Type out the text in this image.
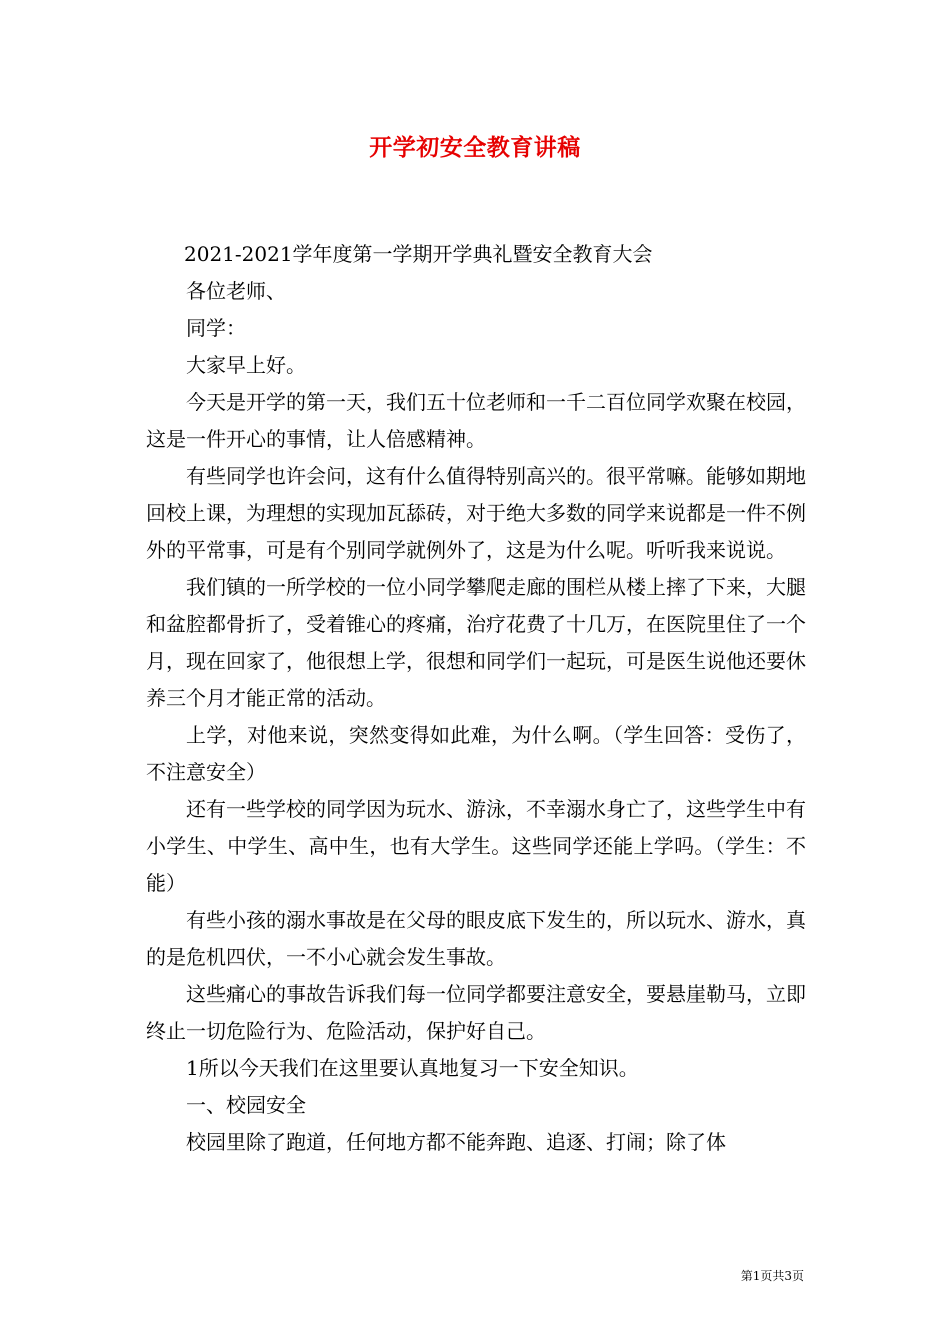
开学初安全教育讲稿

2021-2021学年度第一学期开学典礼暨安全教育大会

各位老师、

同学：

大家早上好。

今天是开学的第一天，我们五十位老师和一千二百位同学欢聚在校园，这是一件开心的事情，让人倍感精神。

有些同学也许会问，这有什么值得特别高兴的。很平常嘛。能够如期地回校上课，为理想的实现加瓦舔砖，对于绝大多数的同学来说都是一件不例外的平常事，可是有个别同学就例外了，这是为什么呢。听听我来说说。

我们镇的一所学校的一位小同学攀爬走廊的围栏从楼上摔了下来，大腿和盆腔都骨折了，受着锥心的疼痛，治疗花费了十几万，在医院里住了一个月，现在回家了，他很想上学，很想和同学们一起玩，可是医生说他还要休养三个月才能正常的活动。

上学，对他来说，突然变得如此难，为什么啊。（学生回答：受伤了，不注意安全）

还有一些学校的同学因为玩水、游泳，不幸溺水身亡了，这些学生中有小学生、中学生、高中生，也有大学生。这些同学还能上学吗。（学生：不能）

有些小孩的溺水事故是在父母的眼皮底下发生的，所以玩水、游水，真的是危机四伏，一不小心就会发生事故。

这些痛心的事故告诉我们每一位同学都要注意安全，要悬崖勒马，立即终止一切危险行为、危险活动，保护好自己。

1所以今天我们在这里要认真地复习一下安全知识。

一、校园安全

校园里除了跑道，任何地方都不能奔跑、追逐、打闹；除了体

第1页共3页
